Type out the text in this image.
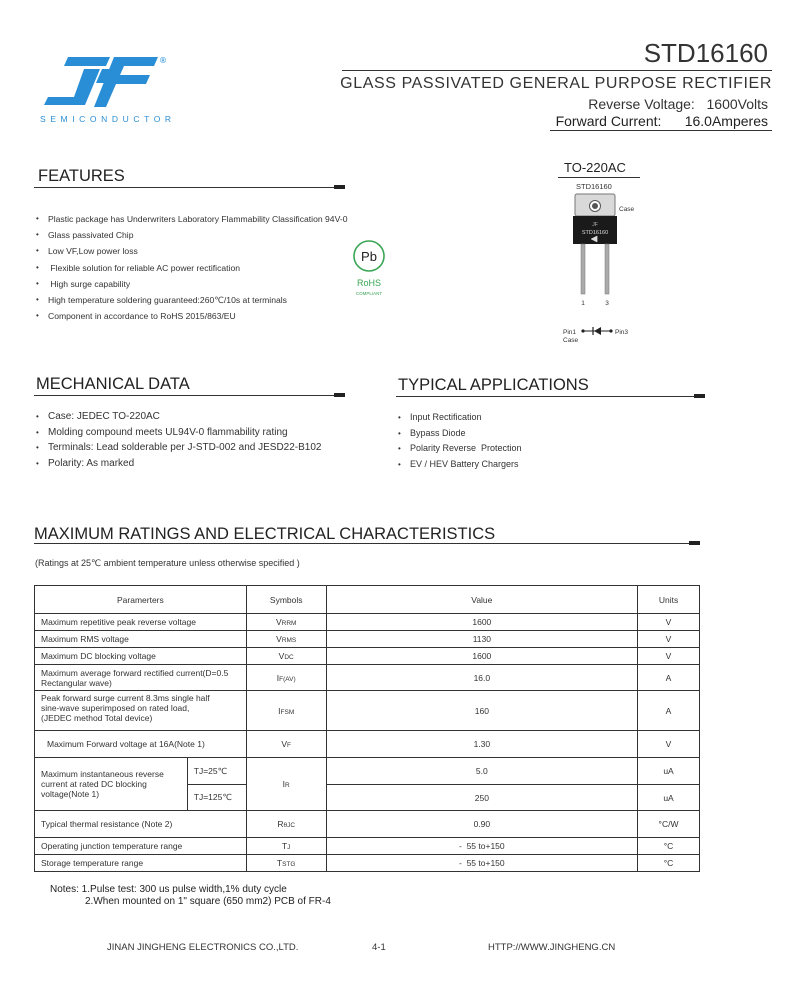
®
SEMICONDUCTOR
STD16160
GLASS PASSIVATED GENERAL PURPOSE RECTIFIER
Reverse Voltage:   1600Volts
Forward Current:      16.0Amperes
FEATURES
• Plastic package has Underwriters Laboratory Flammability Classification 94V-0
• Glass passivated Chip
• Low VF,Low power loss
•  Flexible solution for reliable AC power rectification
•  High surge capability
• High temperature soldering guaranteed:260℃/10s at terminals
• Component in accordance to RoHS 2015/863/EU
Pb
RoHS
COMPLIANT
TO-220AC
STD16160
Case
JF
STD16160
1	3
Pin1
Case
Pin3
MECHANICAL DATA
• Case: JEDEC TO-220AC
• Molding compound meets UL94V-0 flammability rating
• Terminals: Lead solderable per J-STD-002 and JESD22-B102
• Polarity: As marked
TYPICAL APPLICATIONS
• Input Rectification
• Bypass Diode
• Polarity Reverse  Protection
• EV / HEV Battery Chargers
MAXIMUM RATINGS AND ELECTRICAL CHARACTERISTICS
(Ratings at 25℃ ambient temperature unless otherwise specified )
Paramerters		Symbols	Value	Units
Maximum repetitive peak reverse voltage		VRRM	1600	V
Maximum RMS voltage		VRMS	1130	V
Maximum DC blocking voltage		VDC	1600	V
Maximum average forward rectified current(D=0.5
Rectangular wave)		IF(AV)	16.0	A
Peak forward surge current 8.3ms single half
sine-wave superimposed on rated load,
(JEDEC method Total device)		IFSM	160	A
Maximum Forward voltage at 16A(Note 1)		VF	1.30	V
Maximum instantaneous reverse
current at rated DC blocking
voltage(Note 1)	TJ=25℃	IR	5.0	uA
	TJ=125℃		250	uA
Typical thermal resistance (Note 2)		RθJC	0.90	°C/W
Operating junction temperature range		TJ	-  55 to+150	°C
Storage temperature range		TSTG	-  55 to+150	°C
Notes: 1.Pulse test: 300 us pulse width,1% duty cycle
2.When mounted on 1" square (650 mm2) PCB of FR-4
JINAN JINGHENG ELECTRONICS CO.,LTD.	4-1	HTTP://WWW.JINGHENG.CN
